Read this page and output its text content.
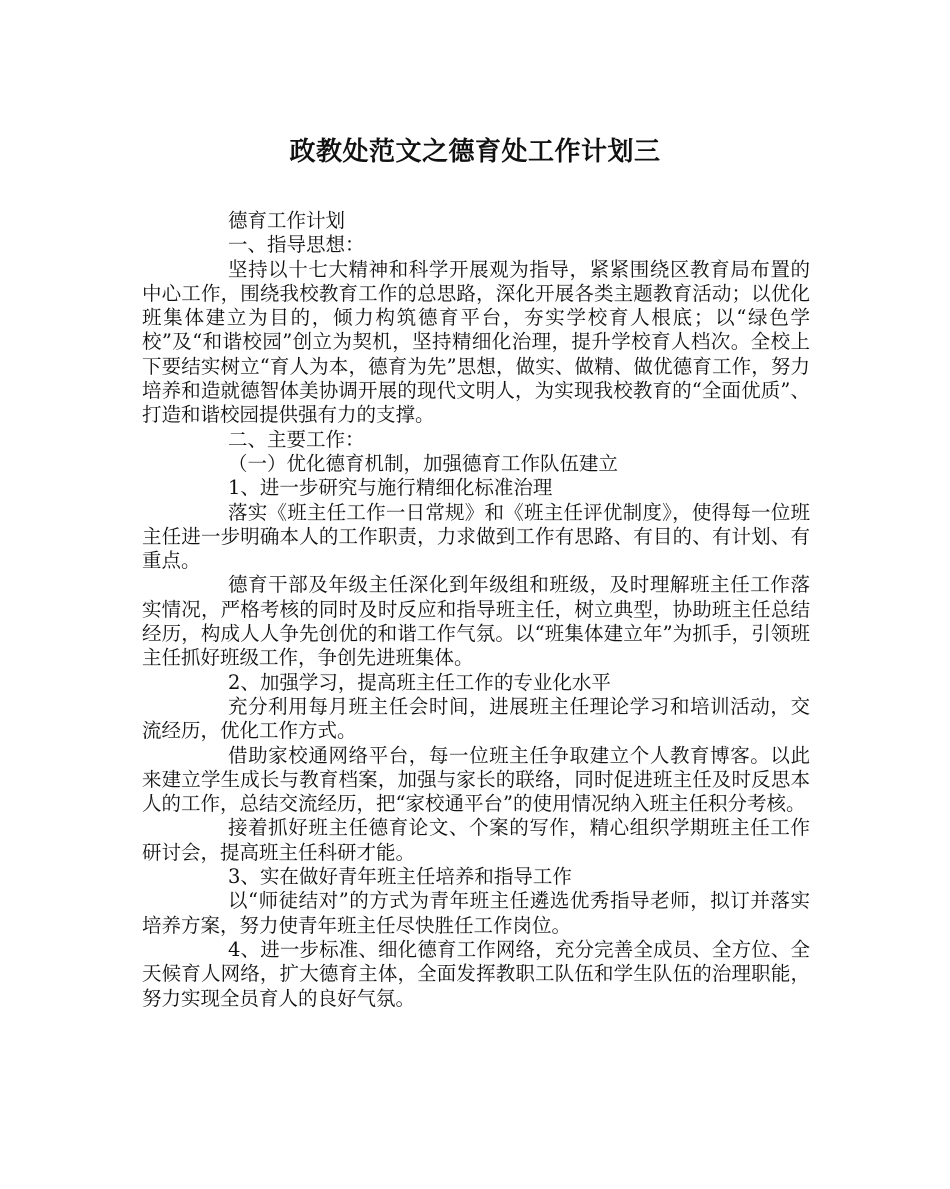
政教处范文之德育处工作计划三

德育工作计划

一、指导思想：

坚持以十七大精神和科学开展观为指导，紧紧围绕区教育局布置的中心工作，围绕我校教育工作的总思路，深化开展各类主题教育活动；以优化班集体建立为目的，倾力构筑德育平台，夯实学校育人根底；以“绿色学校”及“和谐校园”创立为契机，坚持精细化治理，提升学校育人档次。全校上下要结实树立“育人为本，德育为先”思想，做实、做精、做优德育工作，努力培养和造就德智体美协调开展的现代文明人，为实现我校教育的“全面优质”、打造和谐校园提供强有力的支撑。

二、主要工作：

（一）优化德育机制，加强德育工作队伍建立

1、进一步研究与施行精细化标准治理

落实《班主任工作一日常规》和《班主任评优制度》，使得每一位班主任进一步明确本人的工作职责，力求做到工作有思路、有目的、有计划、有重点。

德育干部及年级主任深化到年级组和班级，及时理解班主任工作落实情况，严格考核的同时及时反应和指导班主任，树立典型，协助班主任总结经历，构成人人争先创优的和谐工作气氛。以“班集体建立年”为抓手，引领班主任抓好班级工作，争创先进班集体。

2、加强学习，提高班主任工作的专业化水平

充分利用每月班主任会时间，进展班主任理论学习和培训活动，交流经历，优化工作方式。

借助家校通网络平台，每一位班主任争取建立个人教育博客。以此来建立学生成长与教育档案，加强与家长的联络，同时促进班主任及时反思本人的工作，总结交流经历，把“家校通平台”的使用情况纳入班主任积分考核。

接着抓好班主任德育论文、个案的写作，精心组织学期班主任工作研讨会，提高班主任科研才能。

3、实在做好青年班主任培养和指导工作

以“师徒结对”的方式为青年班主任遴选优秀指导老师，拟订并落实培养方案，努力使青年班主任尽快胜任工作岗位。

4、进一步标准、细化德育工作网络，充分完善全成员、全方位、全天候育人网络，扩大德育主体，全面发挥教职工队伍和学生队伍的治理职能，努力实现全员育人的良好气氛。
